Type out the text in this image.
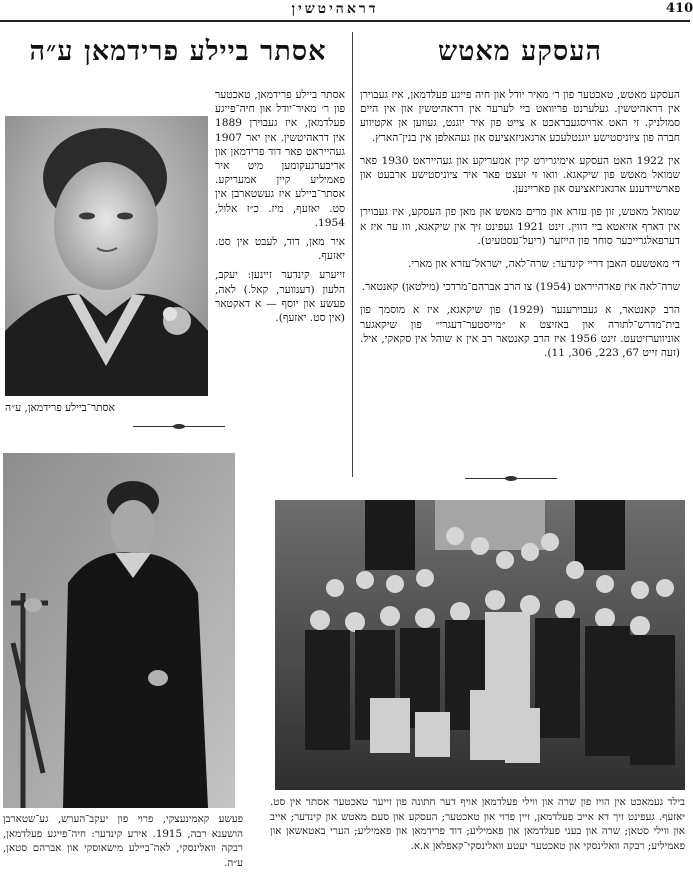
דראהיטשין	410
אסתר ביילע פרידמאן ע״ה	העסקע מאטש

העסקע מאטש, טאכטער פון ר׳ מאיר יודל און חיה פייגע פעלדמאן, איז געבוירן אין דראהיטשין. געלערנט פריוואט ביי לערער אין דראהיטשין און אין היים סמולניק. זי האט ארויסגעבראכט א צייט פון איר יוגנט, געווען אן אקטיווע חברה פון ציוניסטישע יוגנטלעכע ארגאניזאציעס און געהאלפן אין בנין־הארץ.

אין 1922 האט העסקע אימיגרירט קיין אמעריקע און געהייראט 1930 פאר שמואל מאטש פון שיקאגא. וואו זי זעצט פאר איר ציוניסטישע ארבעט און פארשיידענע ארגאניזאציעס און פאריינען.

שמואל מאטש, זון פון עזרא און מרים מאטש און מאן פון העסקע, איז געבוירן אין דארף אזיאטא ביי דווין. זינט 1921 געפינט זיך אין שיקאגא, ווו ער איז א דערפאלגרייכער סוחר פון הייזער (ריעל־עסטעיט).

די מאטשעס האבן דריי קינדער: שרה־לאה, ישראל־עזרא און מארי.

שרה־לאה איז פארהייראט (1954) צו הרב אברהם־מרדכי (מילטאן) קאנטאר.

הרב קאנטאר, א געבוירענער (1929) פון שיקאגא, איז א מוסמך פון בית־מדרש־לתורה און באזיצט א ״מייסטער־דעגרי״ פון שיקאגער אוניווערזיטעט. זינט 1956 איז הרב קאנטאר רב אין א שוהל אין סקאקי, איל. (זעה זייט 67, 223, 306, 11).

אסתר ביילע פרידמאן, טאכטער פון ר׳ מאיר־יודל און חיה־פייגע פעלדמאן, איז געבוירן 1889 אין דראהיטשין. אין יאר 1907 געהייראט פאר דוד פרידמאן און אריבערגעקומען מיט איר פאמיליע קיין אמעריקע. אסתר־ביילע איז געשטארבן אין סט. יאזעף, מיז. כ״ז אלול, 1954.

איר מאן, דוד, לעבט אין סט. יאזעף.

זייערע קינדער זיינען: יעקב, הלעון (דענווער, קאל.) לאה, פעשע און יוסף — א דאקטאר (אין סט. יאזעף).

אסתר־ביילע פרידמאן, ע״ה
פעשע קאמינעצקי, פרוי פון יעקב־הערש, גע־שטארבן הושענא רבה, 1915. אירע קינדער: חיה־פייגע פעלדמאן, רבקה וואלינסקי, לאה־ביילע מישאוסקי און אברהם סטאן, ע״ה.
בילד געמאכט אין הויז פון שרה און ווילי פעלדמאן אויף דער חתונה פון זייער טאכטער אסתר אין סט. יאזעף. געפינט זיך דא אייב פעלדמאן, זיין פרוי און טאכטער; העסקע און סעם מאטש און קינדער; אייב און ווילי סטאן; שרה און בעני פעלדמאן און פאמיליע; דוד פרידמאן און פאמיליע; הערי באטאשאן און פאמיליע; רבקה וואלינסקי און טאכטער יעטע וואלינסקי־קאפלאן א.א.
